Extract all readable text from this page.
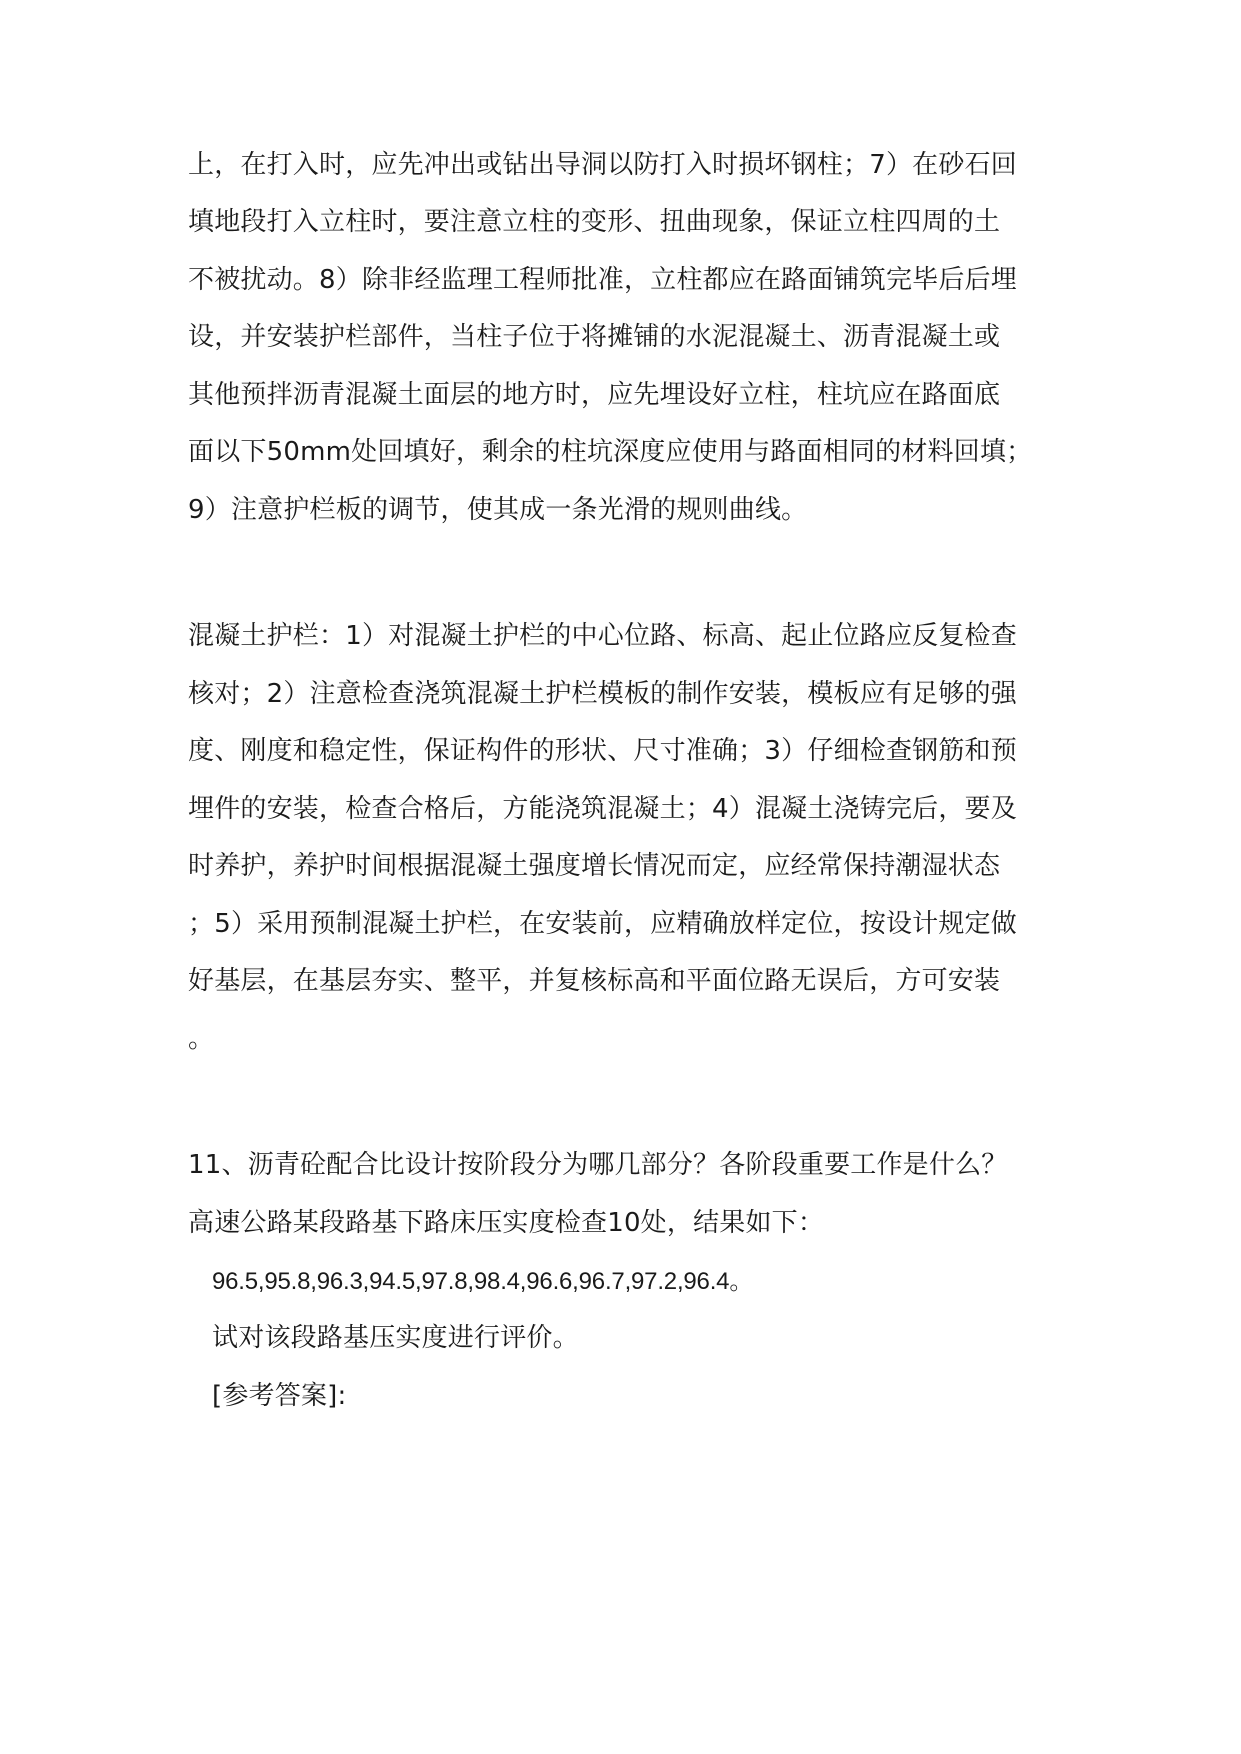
上，在打入时，应先冲出或钻出导洞以防打入时损坏钢柱；7）在砂石回
填地段打入立柱时，要注意立柱的变形、扭曲现象，保证立柱四周的土
不被扰动。8）除非经监理工程师批准，立柱都应在路面铺筑完毕后后埋
设，并安装护栏部件，当柱子位于将摊铺的水泥混凝土、沥青混凝土或
其他预拌沥青混凝土面层的地方时，应先埋设好立柱，柱坑应在路面底
面以下50mm处回填好，剩余的柱坑深度应使用与路面相同的材料回填；
9）注意护栏板的调节，使其成一条光滑的规则曲线。
混凝土护栏：1）对混凝土护栏的中心位路、标高、起止位路应反复检查
核对；2）注意检查浇筑混凝土护栏模板的制作安装，模板应有足够的强
度、刚度和稳定性，保证构件的形状、尺寸准确；3）仔细检查钢筋和预
埋件的安装，检查合格后，方能浇筑混凝土；4）混凝土浇铸完后，要及
时养护，养护时间根据混凝土强度增长情况而定，应经常保持潮湿状态
；5）采用预制混凝土护栏，在安装前，应精确放样定位，按设计规定做
好基层，在基层夯实、整平，并复核标高和平面位路无误后，方可安装
。
11、沥青砼配合比设计按阶段分为哪几部分？各阶段重要工作是什么？
高速公路某段路基下路床压实度检查10处，结果如下：
96.5,95.8,96.3,94.5,97.8,98.4,96.6,96.7,97.2,96.4。
试对该段路基压实度进行评价。
[参考答案]:
